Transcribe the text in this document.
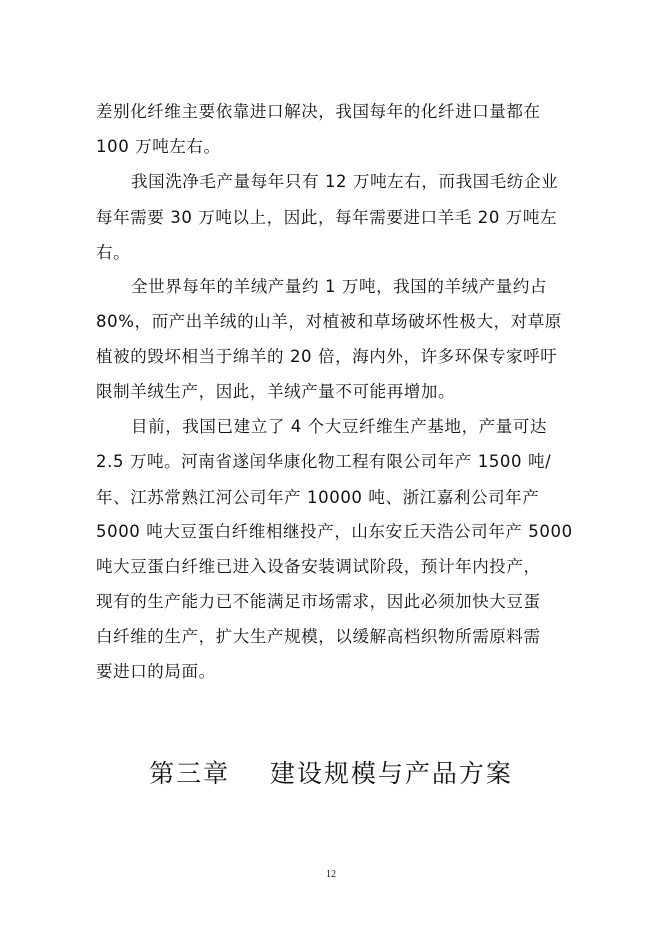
差别化纤维主要依靠进口解决，我国每年的化纤进口量都在
100 万吨左右。
我国洗净毛产量每年只有 12 万吨左右，而我国毛纺企业
每年需要 30 万吨以上，因此，每年需要进口羊毛 20 万吨左
右。
全世界每年的羊绒产量约 1 万吨，我国的羊绒产量约占
80%，而产出羊绒的山羊，对植被和草场破坏性极大，对草原
植被的毁坏相当于绵羊的 20 倍，海内外，许多环保专家呼吁
限制羊绒生产，因此，羊绒产量不可能再增加。
目前，我国已建立了 4 个大豆纤维生产基地，产量可达
2.5 万吨。河南省遂闰华康化物工程有限公司年产 1500 吨/
年、江苏常熟江河公司年产 10000 吨、浙江嘉利公司年产
5000 吨大豆蛋白纤维相继投产，山东安丘天浩公司年产 5000
吨大豆蛋白纤维已进入设备安装调试阶段，预计年内投产，
现有的生产能力已不能满足市场需求，因此必须加快大豆蛋
白纤维的生产，扩大生产规模，以缓解高档织物所需原料需
要进口的局面。
第三章    建设规模与产品方案
12
